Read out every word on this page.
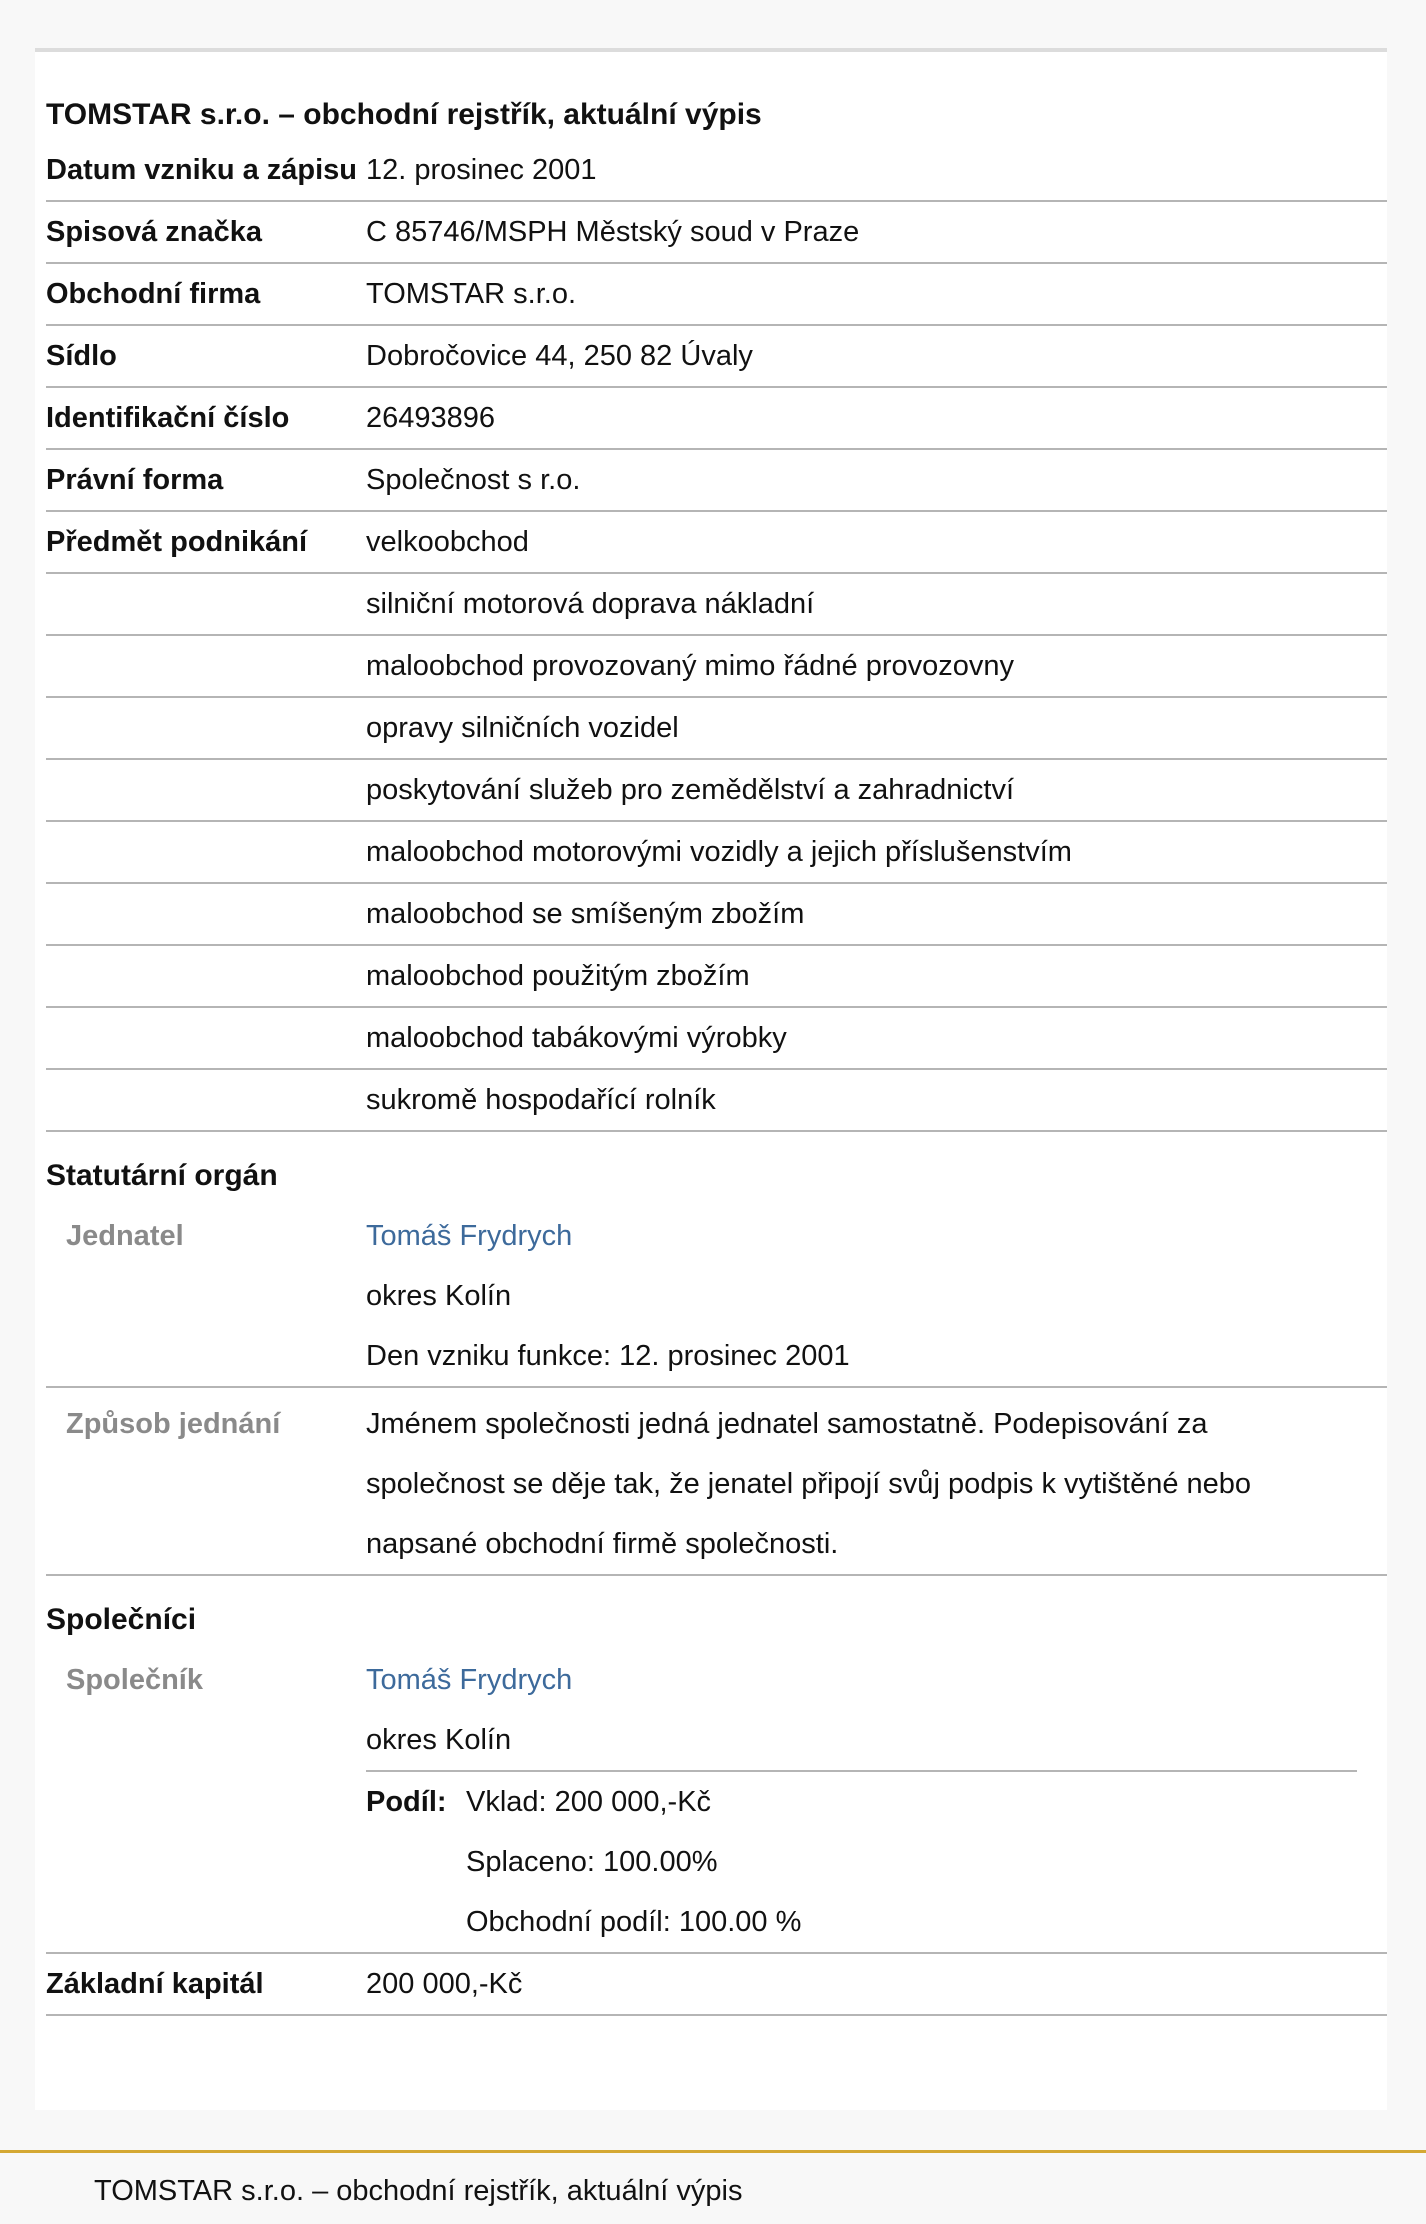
TOMSTAR s.r.o. – obchodní rejstřík, aktuální výpis
Datum vzniku a zápisu 12. prosinec 2001
Spisová značka	C 85746/MSPH Městský soud v Praze
Obchodní firma	TOMSTAR s.r.o.
Sídlo	Dobročovice 44, 250 82 Úvaly
Identifikační číslo	26493896
Právní forma	Společnost s r.o.
Předmět podnikání	velkoobchod
silniční motorová doprava nákladní
maloobchod provozovaný mimo řádné provozovny
opravy silničních vozidel
poskytování služeb pro zemědělství a zahradnictví
maloobchod motorovými vozidly a jejich příslušenstvím
maloobchod se smíšeným zbožím
maloobchod použitým zbožím
maloobchod tabákovými výrobky
sukromě hospodařící rolník
Statutární orgán
Jednatel	Tomáš Frydrych
okres Kolín
Den vzniku funkce: 12. prosinec 2001
Způsob jednání	Jménem společnosti jedná jednatel samostatně. Podepisování za společnost se děje tak, že jenatel připojí svůj podpis k vytištěné nebo napsané obchodní firmě společnosti.
Společníci
Společník	Tomáš Frydrych
okres Kolín
Podíl: Vklad: 200 000,-Kč
Splaceno: 100.00%
Obchodní podíl: 100.00 %
Základní kapitál	200 000,-Kč
TOMSTAR s.r.o. – obchodní rejstřík, aktuální výpis
